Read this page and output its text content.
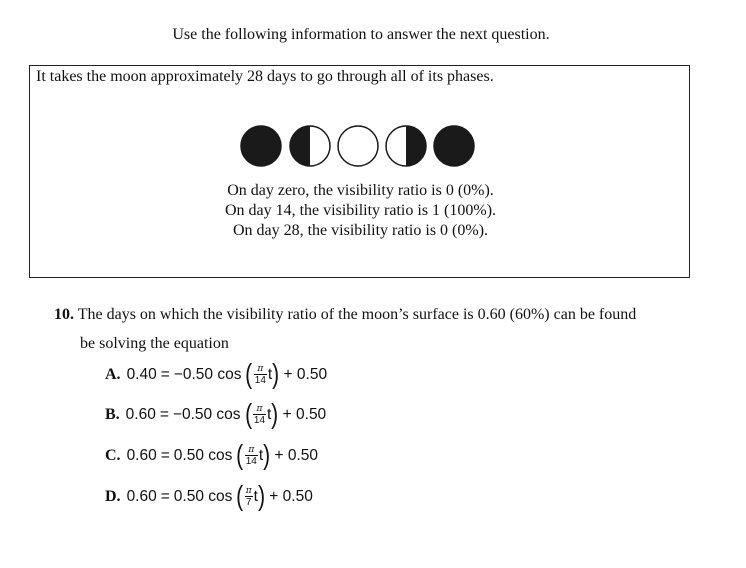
Use the following information to answer the next question.
It takes the moon approximately 28 days to go through all of its phases.
On day zero, the visibility ratio is 0 (0%).
On day 14, the visibility ratio is 1 (100%).
On day 28, the visibility ratio is 0 (0%).
10. The days on which the visibility ratio of the moon’s surface is 0.60 (60%) can be found
be solving the equation
A. 0.40 = −0.50 cos ( $\frac{\pi}{14}$ t ) + 0.50
B. 0.60 = −0.50 cos ( $\frac{\pi}{14}$ t ) + 0.50
C. 0.60 = 0.50 cos ( $\frac{\pi}{14}$ t ) + 0.50
D. 0.60 = 0.50 cos ( $\frac{\pi}{7}$ t ) + 0.50
